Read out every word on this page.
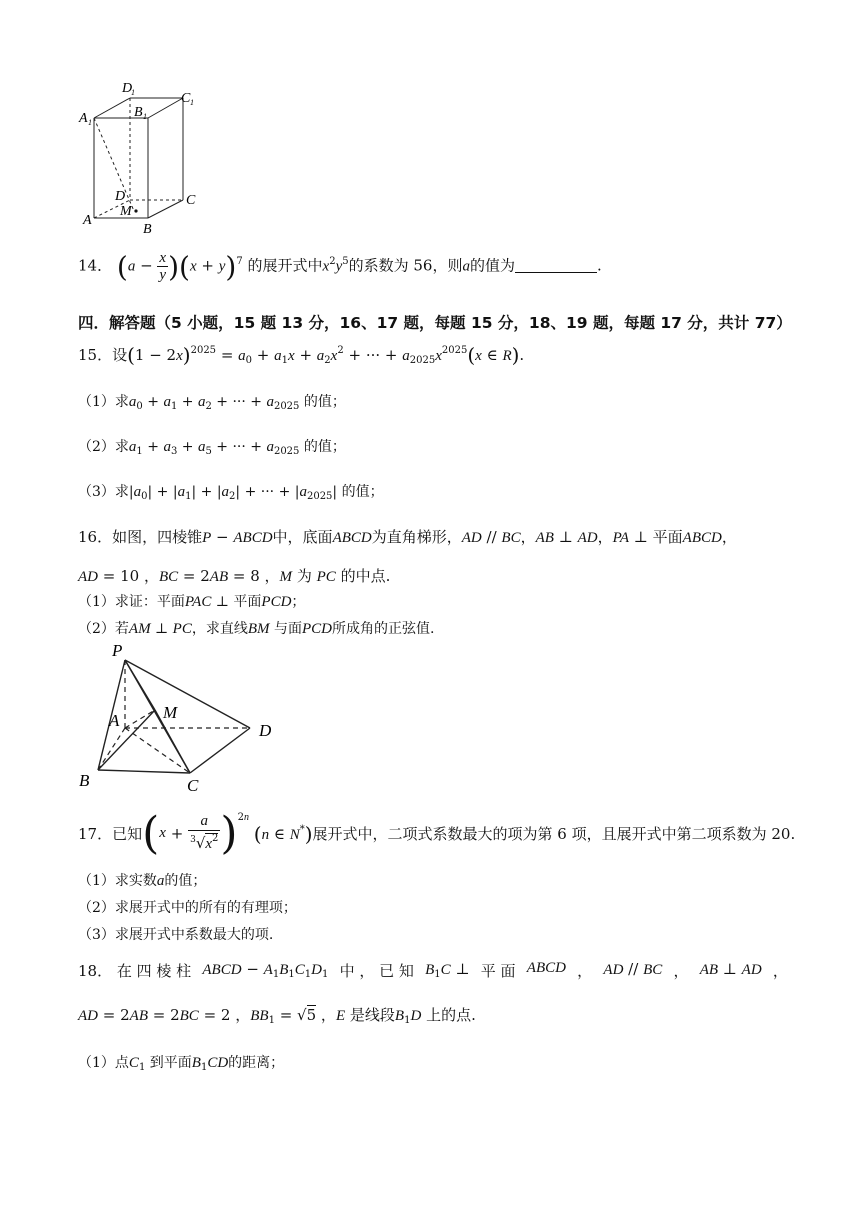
D
1	C 1
A 1
B 1
D	C
A
M
B
14． $(a - \frac{x}{y} )(x + y)^7$ 的展开式中$x^2y^5$的系数为 56，则a的值为	.
四．解答题（5 小题，15 题 13 分，16、17 题，每题 15 分，18、19 题，每题 17 分，共计 77）
15．设$(1 - 2x)^{2025} = a_0 + a_1x + a_2x^2$ + ··· + $a_{2025}x^{2025}(x$ ∈ R).
（1）求$a_0 + a_1 + a_2$ + ··· + $a_{2025}$ 的值；
（2）求$a_1 + a_3 + a_5$ + ··· + $a_{2025}$ 的值；
（3）求$|a_0| + |a_1| + |a_2|$ + ··· + $|a_{2025}|$ 的值；
16．如图，四棱锥P − ABCD中，底面ABCD为直角梯形，AD // BC，AB ⊥ AD，PA ⊥ 平面ABCD，
AD = 10 ，BC = 2AB = 8 ，M 为 PC 的中点.
（1）求证：平面PAC ⊥ 平面PCD；
（2）若AM ⊥ PC，求直线BM 与面PCD所成角的正弦值.
P
A	M
D
B	C
17．已知$(x + \frac{a}{^3√x^2} )^{2n}$ (n ∈ N*)展开式中，二项式系数最大的项为第 6 项，且展开式中第二项系数为 20.
（1）求实数a的值；
（2）求展开式中的所有的有理项；
（3）求展开式中系数最大的项.
18． 在 四 棱 柱 ABCD − $A_1B_1C_1D_1$ 中 ， 已 知 $B_1C$ ⊥ 平 面 ABCD ， AD // BC ， AB ⊥ AD ，
AD = 2AB = 2BC = 2 ，$BB_1 = √5$ ，E 是线段$B_1D$ 上的点.
（1）点$C_1$ 到平面$B_1CD$的距离；
